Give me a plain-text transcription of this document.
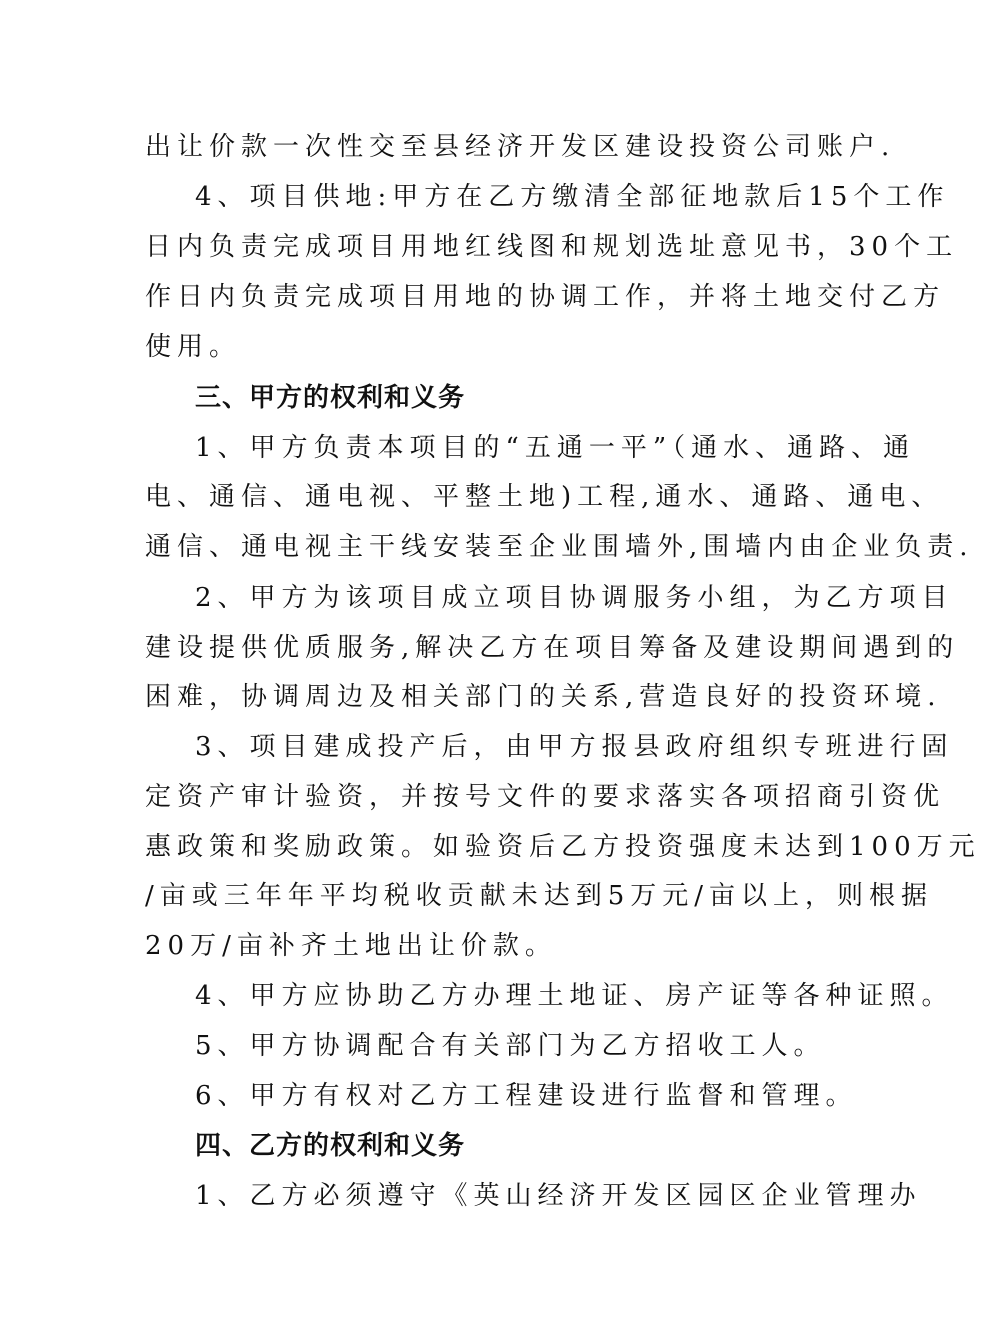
出让价款一次性交至县经济开发区建设投资公司账户.
4、项目供地:甲方在乙方缴清全部征地款后15个工作
日内负责完成项目用地红线图和规划选址意见书，30个工
作日内负责完成项目用地的协调工作，并将土地交付乙方
使用。
三、甲方的权利和义务
1、甲方负责本项目的“五通一平”（通水、通路、通
电、通信、通电视、平整土地)工程,通水、通路、通电、
通信、通电视主干线安装至企业围墙外,围墙内由企业负责.
2、甲方为该项目成立项目协调服务小组，为乙方项目
建设提供优质服务,解决乙方在项目筹备及建设期间遇到的
困难，协调周边及相关部门的关系,营造良好的投资环境.
3、项目建成投产后，由甲方报县政府组织专班进行固
定资产审计验资，并按号文件的要求落实各项招商引资优
惠政策和奖励政策。如验资后乙方投资强度未达到100万元
/亩或三年年平均税收贡献未达到5万元/亩以上，则根据
20万/亩补齐土地出让价款。
4、甲方应协助乙方办理土地证、房产证等各种证照。
5、甲方协调配合有关部门为乙方招收工人。
6、甲方有权对乙方工程建设进行监督和管理。
四、乙方的权利和义务
1、乙方必须遵守《英山经济开发区园区企业管理办
